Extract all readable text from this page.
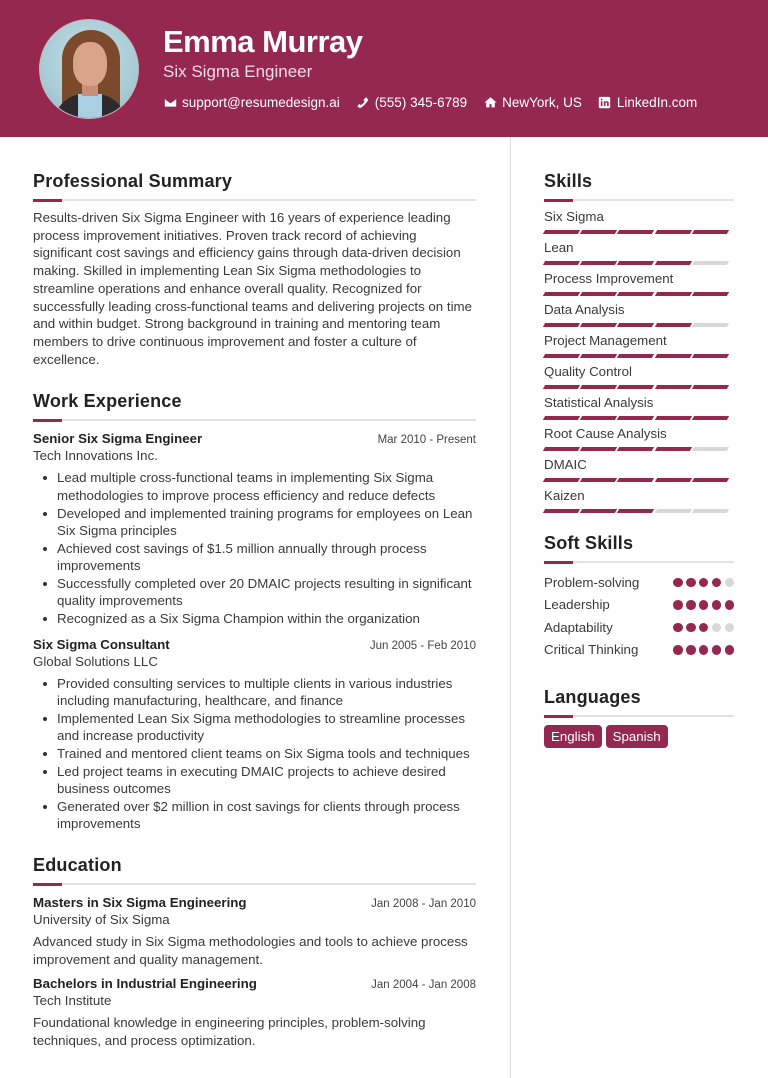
Emma Murray
Six Sigma Engineer
support@resumedesign.ai	(555) 345-6789	NewYork, US	LinkedIn.com
Professional Summary
Results-driven Six Sigma Engineer with 16 years of experience leading process improvement initiatives. Proven track record of achieving significant cost savings and efficiency gains through data-driven decision making. Skilled in implementing Lean Six Sigma methodologies to streamline operations and enhance overall quality. Recognized for successfully leading cross-functional teams and delivering projects on time and within budget. Strong background in training and mentoring team members to drive continuous improvement and foster a culture of excellence.
Work Experience
Senior Six Sigma Engineer	Mar 2010 - Present
Tech Innovations Inc.
Lead multiple cross-functional teams in implementing Six Sigma methodologies to improve process efficiency and reduce defects
Developed and implemented training programs for employees on Lean Six Sigma principles
Achieved cost savings of $1.5 million annually through process improvements
Successfully completed over 20 DMAIC projects resulting in significant quality improvements
Recognized as a Six Sigma Champion within the organization
Six Sigma Consultant	Jun 2005 - Feb 2010
Global Solutions LLC
Provided consulting services to multiple clients in various industries including manufacturing, healthcare, and finance
Implemented Lean Six Sigma methodologies to streamline processes and increase productivity
Trained and mentored client teams on Six Sigma tools and techniques
Led project teams in executing DMAIC projects to achieve desired business outcomes
Generated over $2 million in cost savings for clients through process improvements
Education
Masters in Six Sigma Engineering	Jan 2008 - Jan 2010
University of Six Sigma
Advanced study in Six Sigma methodologies and tools to achieve process improvement and quality management.
Bachelors in Industrial Engineering	Jan 2004 - Jan 2008
Tech Institute
Foundational knowledge in engineering principles, problem-solving techniques, and process optimization.
Skills
Six Sigma
Lean
Process Improvement
Data Analysis
Project Management
Quality Control
Statistical Analysis
Root Cause Analysis
DMAIC
Kaizen
Soft Skills
Problem-solving
Leadership
Adaptability
Critical Thinking
Languages
English	Spanish
